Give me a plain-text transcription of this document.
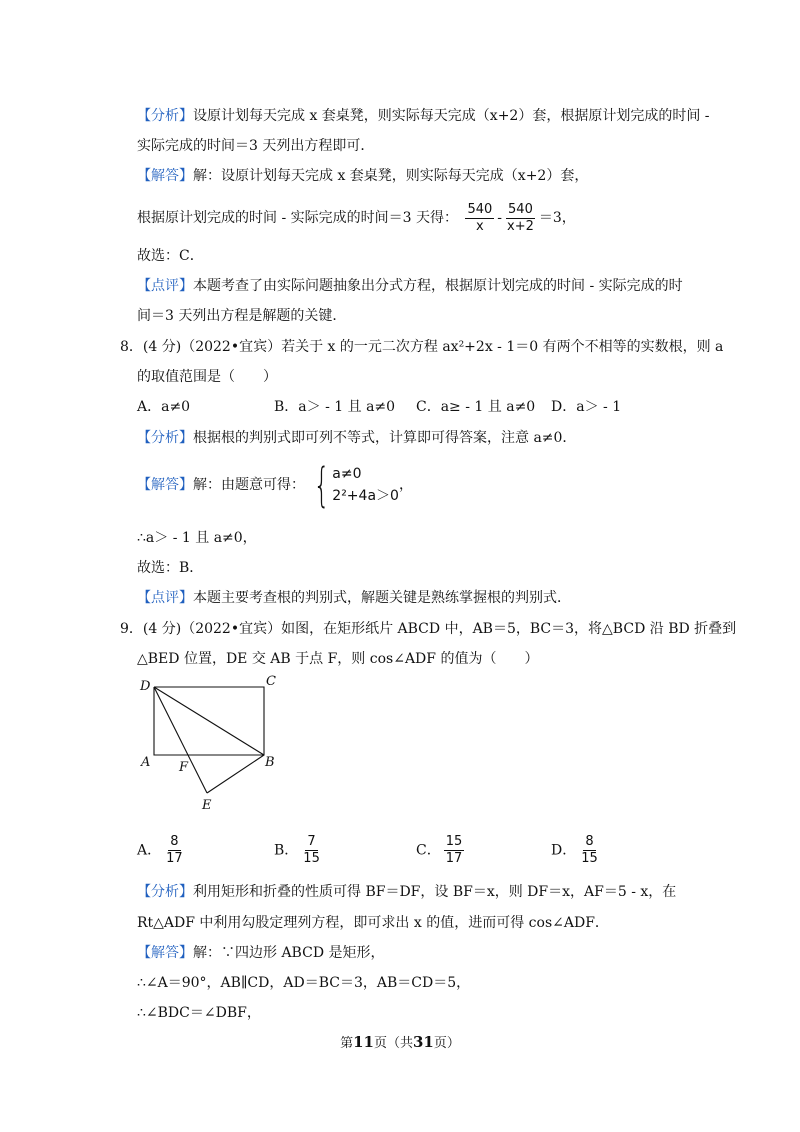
【分析】设原计划每天完成 x 套桌凳，则实际每天完成（x+2）套，根据原计划完成的时间 -
实际完成的时间＝3 天列出方程即可．
【解答】解：设原计划每天完成 x 套桌凳，则实际每天完成（x+2）套，
根据原计划完成的时间 - 实际完成的时间＝3 天得： $\frac{540}{x} - \frac{540}{x+2} =3$，
故选：C．
【点评】本题考查了由实际问题抽象出分式方程，根据原计划完成的时间 - 实际完成的时
间＝3 天列出方程是解题的关键．
8．(4 分)（2022•宜宾）若关于 x 的一元二次方程 ax²+2x - 1＝0 有两个不相等的实数根，则 a
的取值范围是（　　）
A．a≠0	B．a＞ - 1 且 a≠0 C．a≥ - 1 且 a≠0 D．a＞ - 1
【分析】根据根的判别式即可列不等式，计算即可得答案，注意 a≠0．
【解答】解：由题意可得： { a≠0
2²+4a＞0
，
∴a＞ - 1 且 a≠0，
故选：B．
【点评】本题主要考查根的判别式，解题关键是熟练掌握根的判别式．
9．(4 分)（2022•宜宾）如图，在矩形纸片 ABCD 中，AB＝5，BC＝3，将△BCD 沿 BD 折叠到
△BED 位置，DE 交 AB 于点 F，则 cos∠ADF 的值为（　　）
D	C
A F	B
E
A． $\frac{8}{17}$	B． $\frac{7}{15}$	C． $\frac{15}{17}$	D． $\frac{8}{15}$
【分析】利用矩形和折叠的性质可得 BF＝DF，设 BF＝x，则 DF＝x，AF＝5 - x，在
Rt△ADF 中利用勾股定理列方程，即可求出 x 的值，进而可得 cos∠ADF．
【解答】解：∵四边形 ABCD 是矩形，
∴∠A＝90°，AB∥CD，AD＝BC＝3，AB＝CD＝5，
∴∠BDC＝∠DBF，
第11页（共31页）
